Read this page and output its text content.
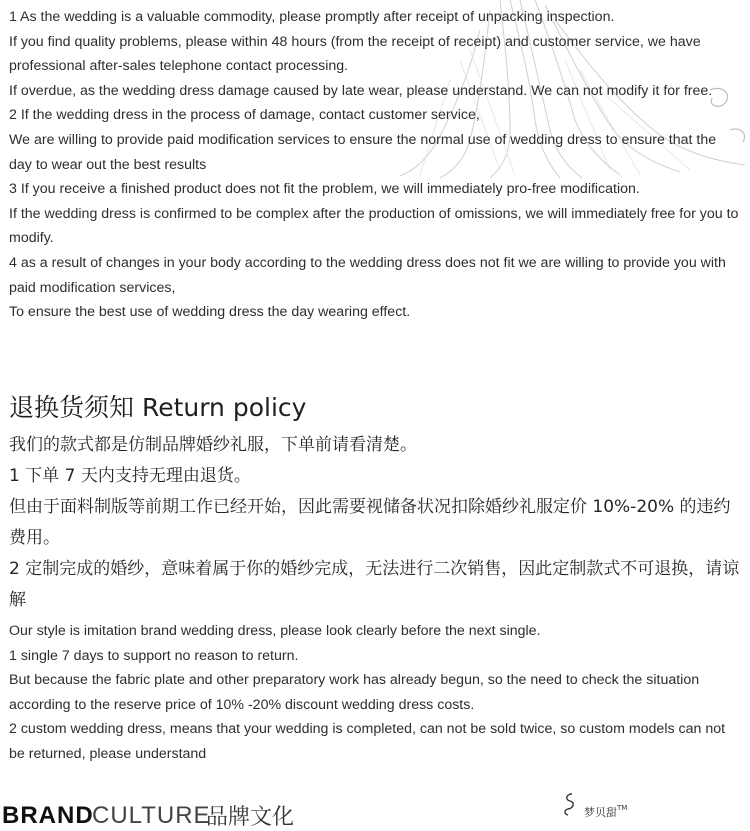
1 As the wedding is a valuable commodity, please promptly after receipt of unpacking inspection.

If you find quality problems, please within 48 hours (from the receipt of receipt) and customer service, we have professional after-sales telephone contact processing.

If overdue, as the wedding dress damage caused by late wear, please understand. We can not modify it for free.

2 If the wedding dress in the process of damage, contact customer service,

We are willing to provide paid modification services to ensure the normal use of wedding dress to ensure that the day to wear out the best results

3 If you receive a finished product does not fit the problem, we will immediately pro-free modification.

If the wedding dress is confirmed to be complex after the production of omissions, we will immediately free for you to modify.

4 as a result of changes in your body according to the wedding dress does not fit we are willing to provide you with paid modification services,

To ensure the best use of wedding dress the day wearing effect.

退换货须知 Return policy

我们的款式都是仿制品牌婚纱礼服，下单前请看清楚。

1 下单 7 天内支持无理由退货。

但由于面料制版等前期工作已经开始，因此需要视储备状况扣除婚纱礼服定价 10%-20% 的违约费用。

2 定制完成的婚纱，意味着属于你的婚纱完成，无法进行二次销售，因此定制款式不可退换，请谅解

Our style is imitation brand wedding dress, please look clearly before the next single.

1 single 7 days to support no reason to return.

But because the fabric plate and other preparatory work has already begun, so the need to check the situation according to the reserve price of 10% -20% discount wedding dress costs.

2 custom wedding dress, means that your wedding is completed, can not be sold twice, so custom models can not be returned, please understand

BRAND
CULTURE
品牌文化	梦贝甜™
